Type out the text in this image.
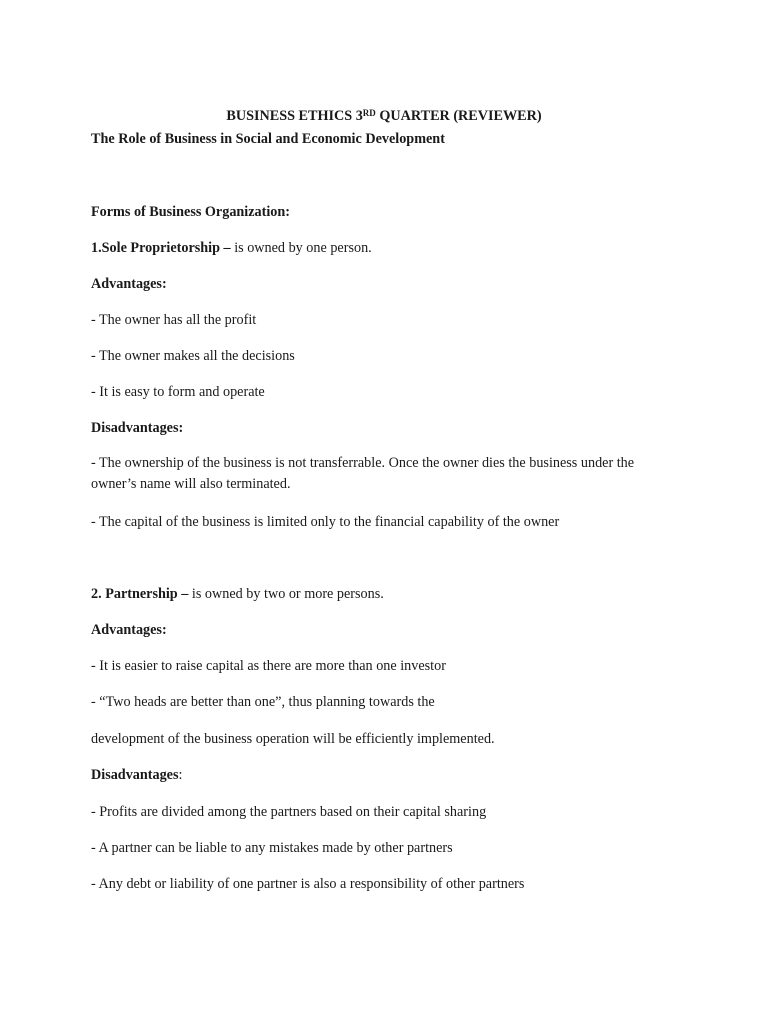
BUSINESS ETHICS 3RD QUARTER (REVIEWER)
The Role of Business in Social and Economic Development
Forms of Business Organization:
1.Sole Proprietorship – is owned by one person.
Advantages:
- The owner has all the profit
- The owner makes all the decisions
- It is easy to form and operate
Disadvantages:
- The ownership of the business is not transferrable. Once the owner dies the business under the owner’s name will also terminated.
- The capital of the business is limited only to the financial capability of the owner
2. Partnership – is owned by two or more persons.
Advantages:
- It is easier to raise capital as there are more than one investor
- “Two heads are better than one”, thus planning towards the
development of the business operation will be efficiently implemented.
Disadvantages:
- Profits are divided among the partners based on their capital sharing
- A partner can be liable to any mistakes made by other partners
- Any debt or liability of one partner is also a responsibility of other partners
